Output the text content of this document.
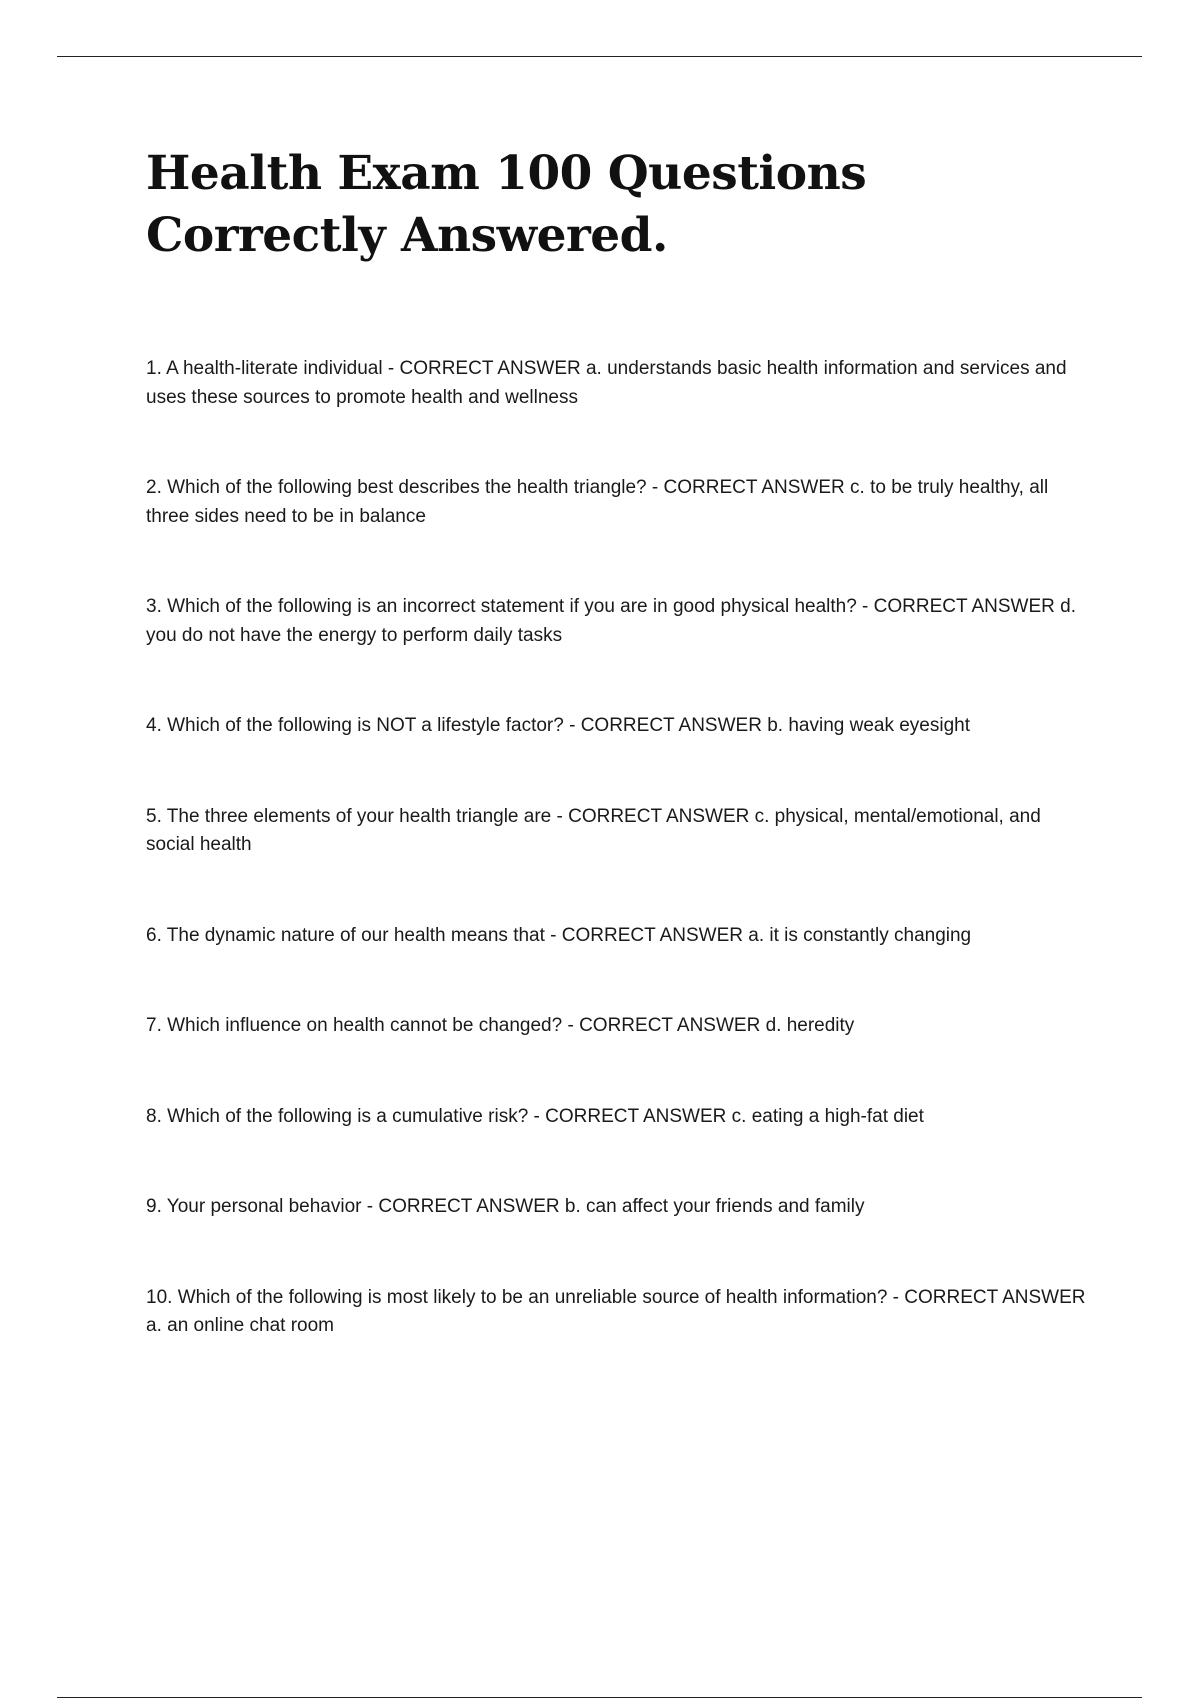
Health Exam 100 Questions Correctly Answered.
1. A health-literate individual - CORRECT ANSWER a. understands basic health information and services and uses these sources to promote health and wellness
2. Which of the following best describes the health triangle? - CORRECT ANSWER c. to be truly healthy, all three sides need to be in balance
3. Which of the following is an incorrect statement if you are in good physical health? - CORRECT ANSWER d. you do not have the energy to perform daily tasks
4. Which of the following is NOT a lifestyle factor? - CORRECT ANSWER b. having weak eyesight
5. The three elements of your health triangle are - CORRECT ANSWER c. physical, mental/emotional, and social health
6. The dynamic nature of our health means that - CORRECT ANSWER a. it is constantly changing
7. Which influence on health cannot be changed? - CORRECT ANSWER d. heredity
8. Which of the following is a cumulative risk? - CORRECT ANSWER c. eating a high-fat diet
9. Your personal behavior - CORRECT ANSWER b. can affect your friends and family
10. Which of the following is most likely to be an unreliable source of health information? - CORRECT ANSWER a. an online chat room
